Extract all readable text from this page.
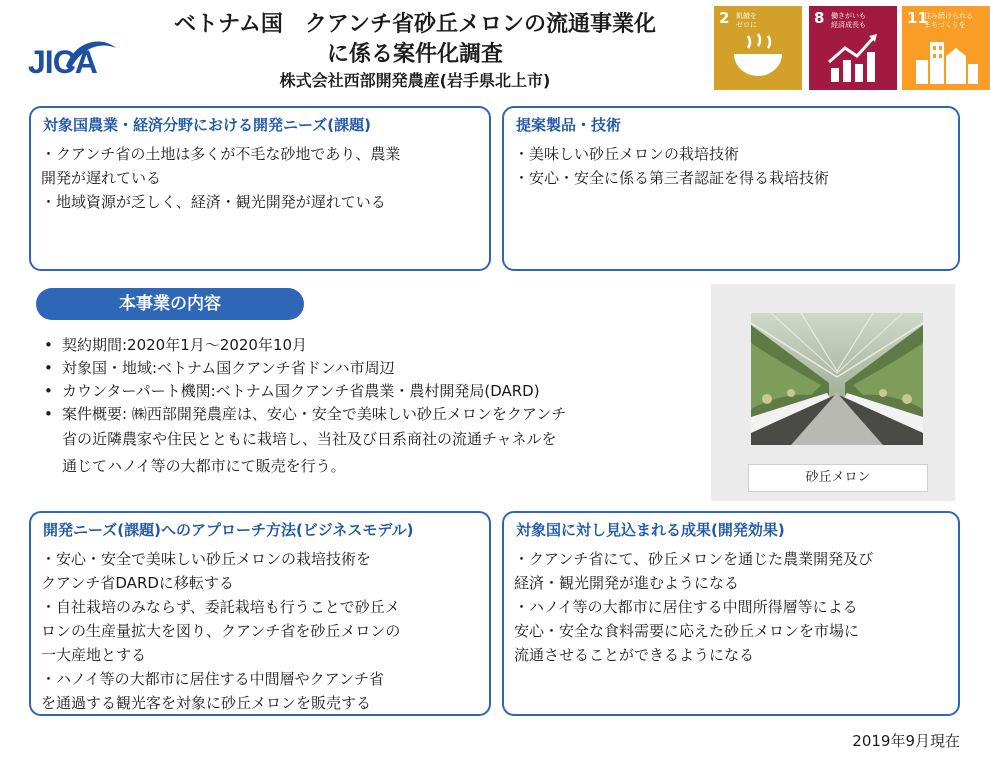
JICA
ベトナム国　クアンチ省砂丘メロンの流通事業化
に係る案件化調査
株式会社西部開発農産(岩手県北上市)
2 飢餓を
ゼロに	8 働きがいも
経済成長も	11
住み続けられる
まちづくりを
対象国農業・経済分野における開発ニーズ(課題)
・クアンチ省の土地は多くが不毛な砂地であり、農業
開発が遅れている
・地域資源が乏しく、経済・観光開発が遅れている
提案製品・技術
・美味しい砂丘メロンの栽培技術
・安心・安全に係る第三者認証を得る栽培技術
本事業の内容
• 契約期間:2020年1月～2020年10月
• 対象国・地域:ベトナム国クアンチ省ドンハ市周辺
• カウンターパート機関:ベトナム国クアンチ省農業・農村開発局(DARD)
• 案件概要: ㈱西部開発農産は、安心・安全で美味しい砂丘メロンをクアンチ
省の近隣農家や住民とともに栽培し、当社及び日系商社の流通チャネルを
通じてハノイ等の大都市にて販売を行う。
砂丘メロン
開発ニーズ(課題)へのアプローチ方法(ビジネスモデル)
・安心・安全で美味しい砂丘メロンの栽培技術を
クアンチ省DARDに移転する
・自社栽培のみならず、委託栽培も行うことで砂丘メ
ロンの生産量拡大を図り、クアンチ省を砂丘メロンの
一大産地とする
・ハノイ等の大都市に居住する中間層やクアンチ省
を通過する観光客を対象に砂丘メロンを販売する
対象国に対し見込まれる成果(開発効果)
・クアンチ省にて、砂丘メロンを通じた農業開発及び
経済・観光開発が進むようになる
・ハノイ等の大都市に居住する中間所得層等による
安心・安全な食料需要に応えた砂丘メロンを市場に
流通させることができるようになる
2019年9月現在
